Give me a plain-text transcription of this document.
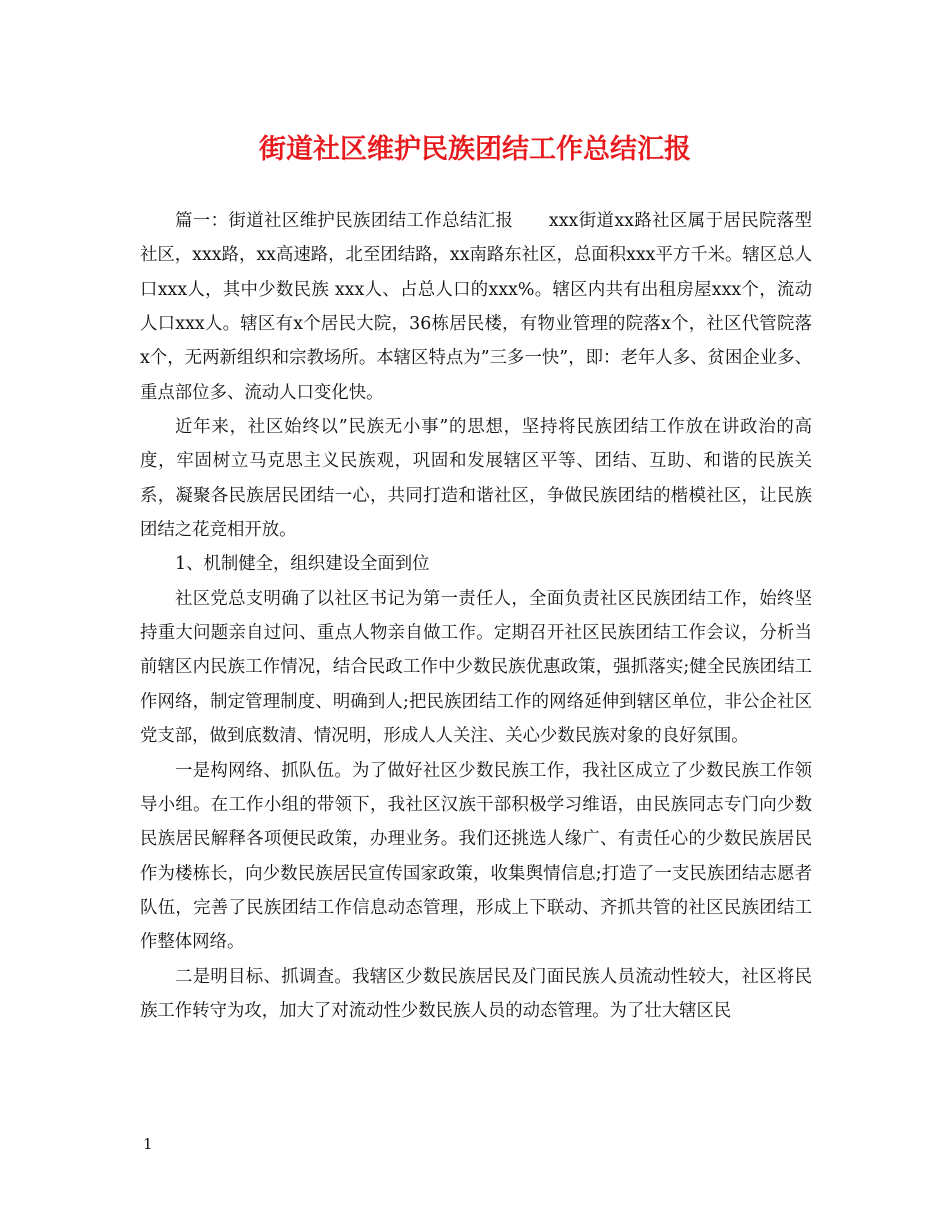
街道社区维护民族团结工作总结汇报

篇一：街道社区维护民族团结工作总结汇报　　xxx街道xx路社区属于居民院落型社区，xxx路，xx高速路，北至团结路，xx南路东社区，总面积xxx平方千米。辖区总人口xxx人，其中少数民族 xxx人、占总人口的xxx%。辖区内共有出租房屋xxx个，流动人口xxx人。辖区有x个居民大院，36栋居民楼，有物业管理的院落x个，社区代管院落 x个，无两新组织和宗教场所。本辖区特点为”三多一快”，即：老年人多、贫困企业多、重点部位多、流动人口变化快。

近年来，社区始终以”民族无小事”的思想，坚持将民族团结工作放在讲政治的高度，牢固树立马克思主义民族观，巩固和发展辖区平等、团结、互助、和谐的民族关系，凝聚各民族居民团结一心，共同打造和谐社区，争做民族团结的楷模社区，让民族团结之花竞相开放。

1、机制健全，组织建设全面到位

社区党总支明确了以社区书记为第一责任人，全面负责社区民族团结工作，始终坚持重大问题亲自过问、重点人物亲自做工作。定期召开社区民族团结工作会议，分析当前辖区内民族工作情况，结合民政工作中少数民族优惠政策，强抓落实;健全民族团结工作网络，制定管理制度、明确到人;把民族团结工作的网络延伸到辖区单位，非公企社区党支部，做到底数清、情况明，形成人人关注、关心少数民族对象的良好氛围。

一是构网络、抓队伍。为了做好社区少数民族工作，我社区成立了少数民族工作领导小组。在工作小组的带领下，我社区汉族干部积极学习维语，由民族同志专门向少数民族居民解释各项便民政策，办理业务。我们还挑选人缘广、有责任心的少数民族居民作为楼栋长，向少数民族居民宣传国家政策，收集舆情信息;打造了一支民族团结志愿者队伍，完善了民族团结工作信息动态管理，形成上下联动、齐抓共管的社区民族团结工作整体网络。

二是明目标、抓调查。我辖区少数民族居民及门面民族人员流动性较大，社区将民族工作转守为攻，加大了对流动性少数民族人员的动态管理。为了壮大辖区民

1
